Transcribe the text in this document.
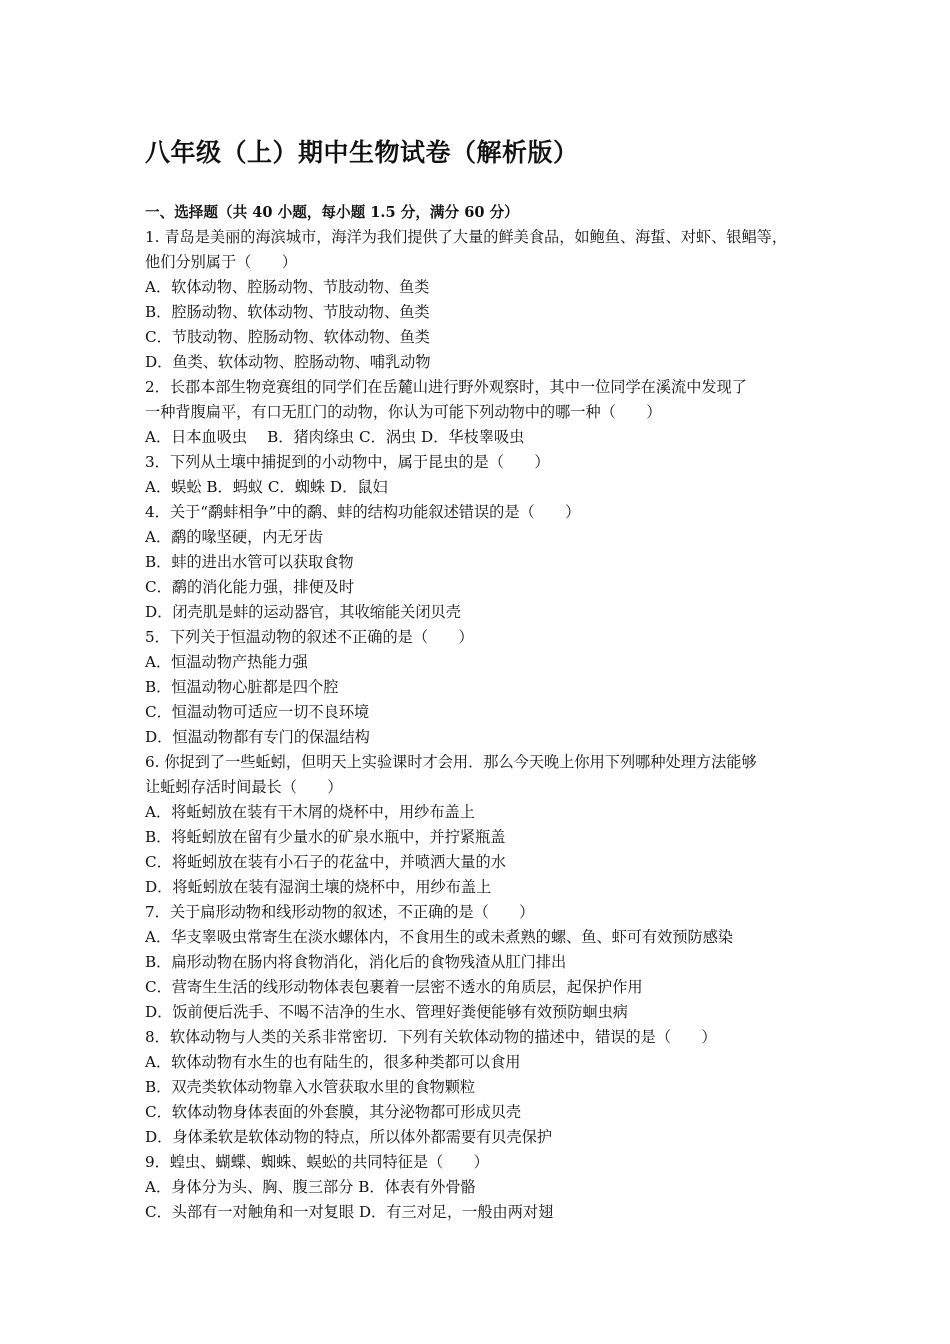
八年级（上）期中生物试卷（解析版）
一、选择题（共 40 小题，每小题 1.5 分，满分 60 分）
1. 青岛是美丽的海滨城市，海洋为我们提供了大量的鲜美食品，如鲍鱼、海蜇、对虾、银鲳等，
他们分别属于（　　）
A．软体动物、腔肠动物、节肢动物、鱼类
B．腔肠动物、软体动物、节肢动物、鱼类
C．节肢动物、腔肠动物、软体动物、鱼类
D．鱼类、软体动物、腔肠动物、哺乳动物
2．长郡本部生物竞赛组的同学们在岳麓山进行野外观察时，其中一位同学在溪流中发现了
一种背腹扁平，有口无肛门的动物，你认为可能下列动物中的哪一种（　　）
A．日本血吸虫　 B．猪肉绦虫 C．涡虫 D．华枝睾吸虫
3．下列从土壤中捕捉到的小动物中，属于昆虫的是（　　）
A．蜈蚣 B．蚂蚁 C．蜘蛛 D．鼠妇
4．关于“鹬蚌相争”中的鹬、蚌的结构功能叙述错误的是（　　）
A．鹬的喙坚硬，内无牙齿
B．蚌的进出水管可以获取食物
C．鹬的消化能力强，排便及时
D．闭壳肌是蚌的运动器官，其收缩能关闭贝壳
5．下列关于恒温动物的叙述不正确的是（　　）
A．恒温动物产热能力强
B．恒温动物心脏都是四个腔
C．恒温动物可适应一切不良环境
D．恒温动物都有专门的保温结构
6. 你捉到了一些蚯蚓，但明天上实验课时才会用．那么今天晚上你用下列哪种处理方法能够
让蚯蚓存活时间最长（　　）
A．将蚯蚓放在装有干木屑的烧杯中，用纱布盖上
B．将蚯蚓放在留有少量水的矿泉水瓶中，并拧紧瓶盖
C．将蚯蚓放在装有小石子的花盆中，并喷洒大量的水
D．将蚯蚓放在装有湿润土壤的烧杯中，用纱布盖上
7．关于扁形动物和线形动物的叙述，不正确的是（　　）
A．华支睾吸虫常寄生在淡水螺体内，不食用生的或未煮熟的螺、鱼、虾可有效预防感染
B．扁形动物在肠内将食物消化，消化后的食物残渣从肛门排出
C．营寄生生活的线形动物体表包裹着一层密不透水的角质层，起保护作用
D．饭前便后洗手、不喝不洁净的生水、管理好粪便能够有效预防蛔虫病
8．软体动物与人类的关系非常密切．下列有关软体动物的描述中，错误的是（　　）
A．软体动物有水生的也有陆生的，很多种类都可以食用
B．双壳类软体动物靠入水管获取水里的食物颗粒
C．软体动物身体表面的外套膜，其分泌物都可形成贝壳
D．身体柔软是软体动物的特点，所以体外都需要有贝壳保护
9．蝗虫、蝴蝶、蜘蛛、蜈蚣的共同特征是（　　）
A．身体分为头、胸、腹三部分 B．体表有外骨骼
C．头部有一对触角和一对复眼 D．有三对足，一般由两对翅
